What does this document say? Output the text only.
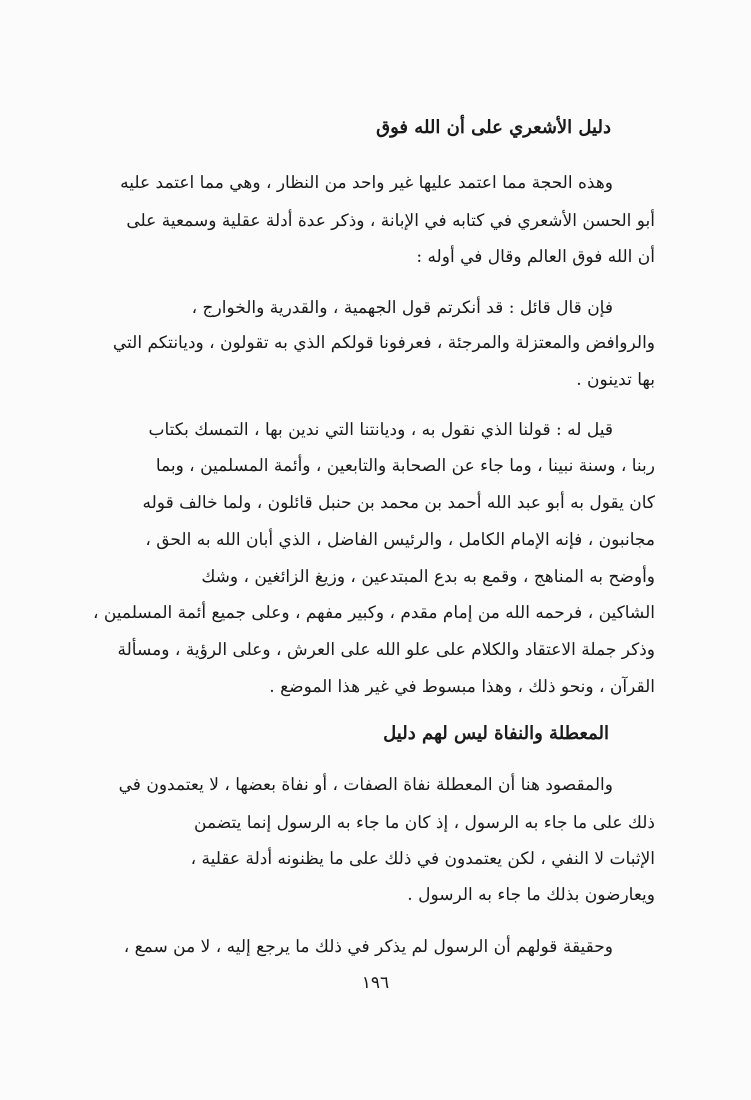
دليل الأشعري على أن الله فوق
وهذه الحجة مما اعتمد عليها غير واحد من النظار ، وهي مما اعتمد عليه
أبو الحسن الأشعري في كتابه في الإبانة ، وذكر عدة أدلة عقلية وسمعية على
أن الله فوق العالم وقال في أوله :
فإن قال قائل : قد أنكرتم قول الجهمية ، والقدرية والخوارج ،
والروافض والمعتزلة والمرجئة ، فعرفونا قولكم الذي به تقولون ، وديانتكم التي
بها تدينون .
قيل له : قولنا الذي نقول به ، وديانتنا التي ندين بها ، التمسك بكتاب
ربنا ، وسنة نبينا ، وما جاء عن الصحابة والتابعين ، وأئمة المسلمين ، وبما
كان يقول به أبو عبد الله أحمد بن محمد بن حنبل قائلون ، ولما خالف قوله
مجانبون ، فإنه الإمام الكامل ، والرئيس الفاضل ، الذي أبان الله به الحق ،
وأوضح به المناهج ، وقمع به بدع المبتدعين ، وزيغ الزائغين ، وشك
الشاكين ، فرحمه الله من إمام مقدم ، وكبير مفهم ، وعلى جميع أئمة المسلمين ،
وذكر جملة الاعتقاد والكلام على علو الله على العرش ، وعلى الرؤية ، ومسألة
القرآن ، ونحو ذلك ، وهذا مبسوط في غير هذا الموضع .
المعطلة والنفاة ليس لهم دليل
والمقصود هنا أن المعطلة نفاة الصفات ، أو نفاة بعضها ، لا يعتمدون في
ذلك على ما جاء به الرسول ، إذ كان ما جاء به الرسول إنما يتضمن
الإثبات لا النفي ، لكن يعتمدون في ذلك على ما يظنونه أدلة عقلية ،
ويعارضون بذلك ما جاء به الرسول .
وحقيقة قولهم أن الرسول لم يذكر في ذلك ما يرجع إليه ، لا من سمع ،
١٩٦
